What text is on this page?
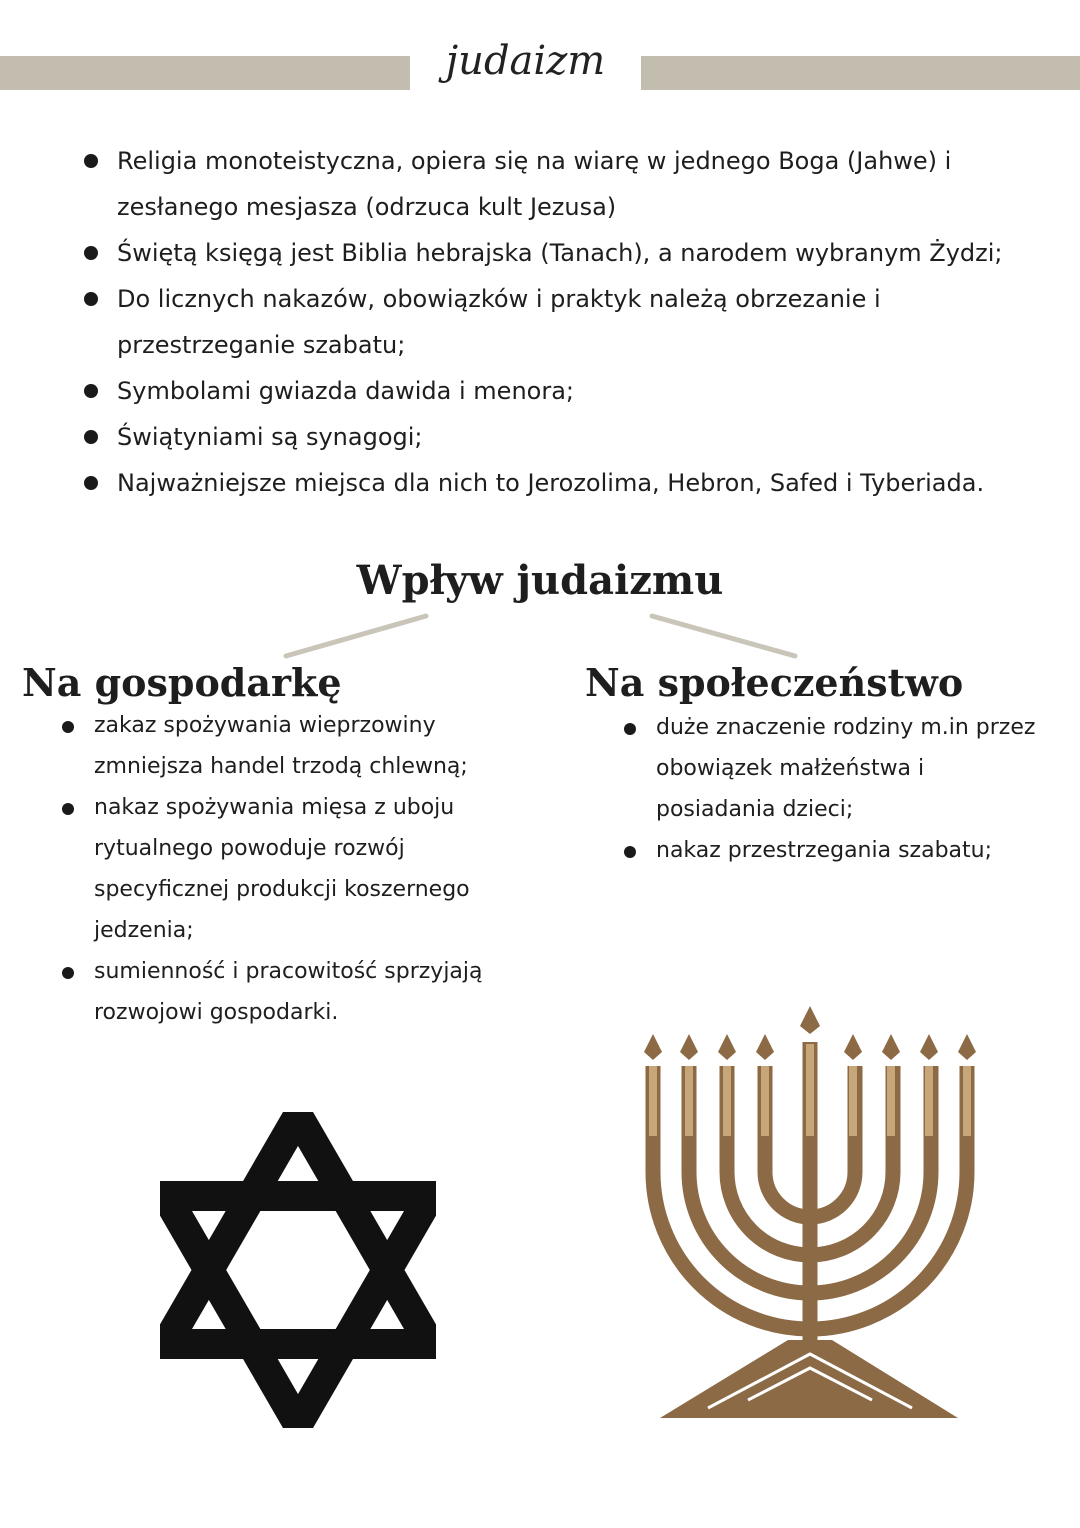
judaizm
Religia monoteistyczna, opiera się na wiarę w jednego Boga (Jahwe) i zesłanego mesjasza (odrzuca kult Jezusa)
Świętą księgą jest Biblia hebrajska (Tanach), a narodem wybranym Żydzi;
Do licznych nakazów, obowiązków i praktyk należą obrzezanie i przestrzeganie szabatu;
Symbolami gwiazda dawida i menora;
Świątyniami są synagogi;
Najważniejsze miejsca dla nich to Jerozolima, Hebron, Safed i Tyberiada.
Wpływ judaizmu
Na gospodarkę	Na społeczeństwo
zakaz spożywania wieprzowiny zmniejsza handel trzodą chlewną;
nakaz spożywania mięsa z uboju rytualnego powoduje rozwój specyficznej produkcji koszernego jedzenia;
sumienność i pracowitość sprzyjają rozwojowi gospodarki.
duże znaczenie rodziny m.in przez obowiązek małżeństwa i posiadania dzieci;
nakaz przestrzegania szabatu;
